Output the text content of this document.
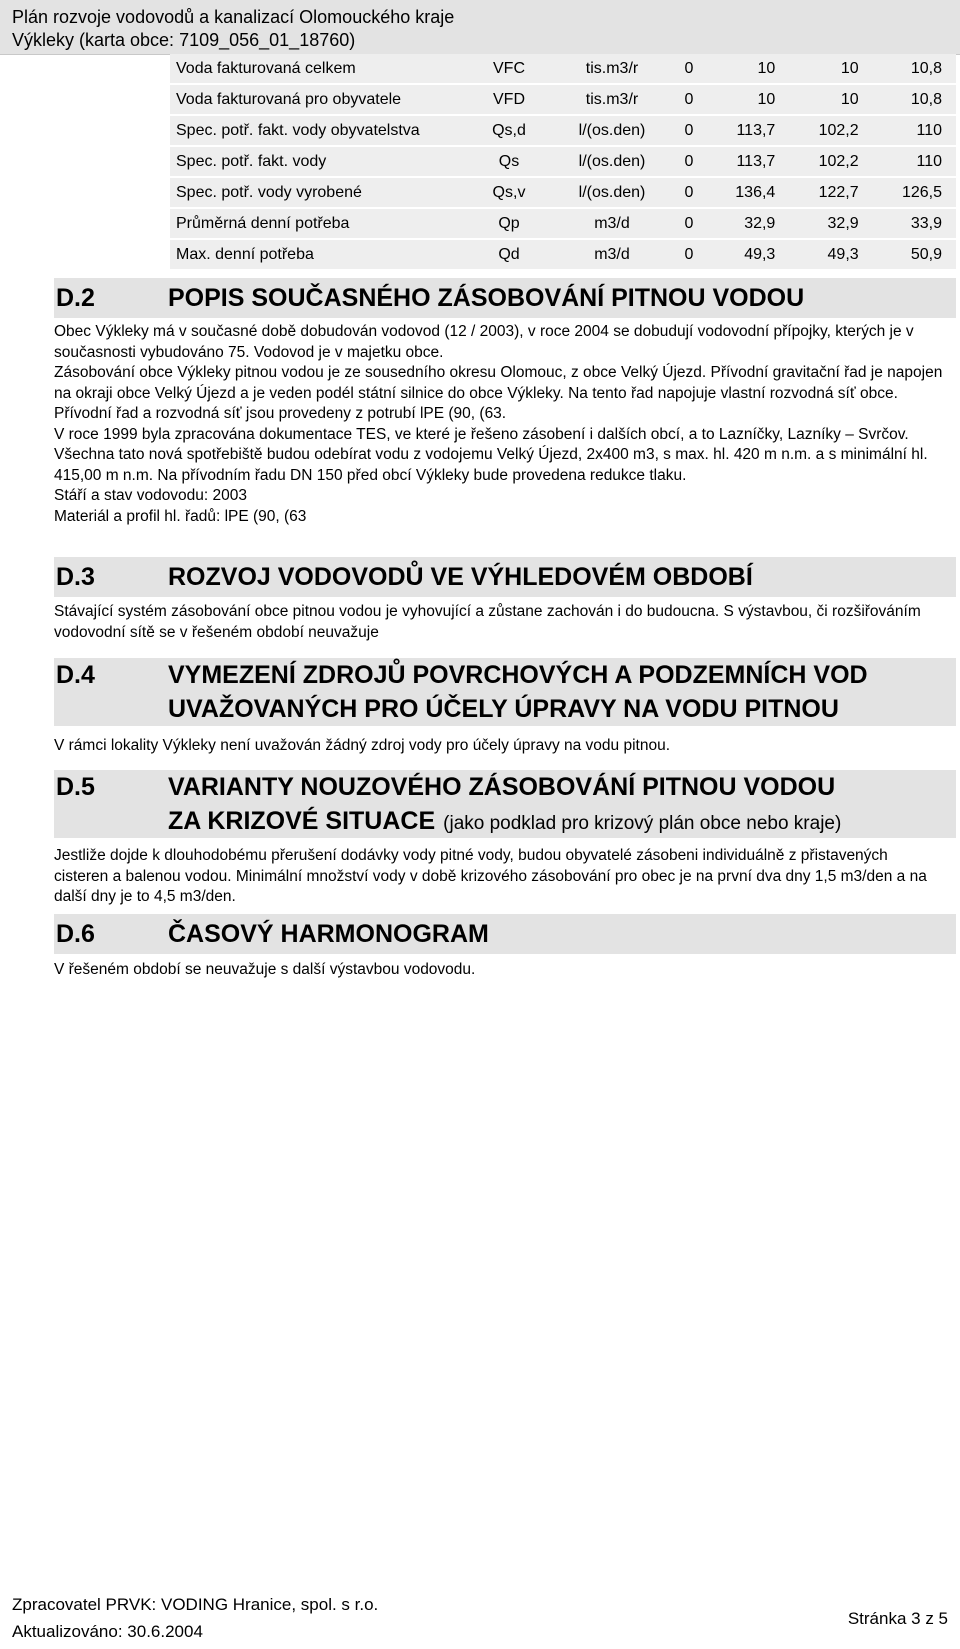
Plán rozvoje vodovodů a kanalizací Olomouckého kraje
Výkleky (karta obce: 7109_056_01_18760)
Voda fakturovaná celkem	VFC	tis.m3/r	0	10	10	10,8
Voda fakturovaná pro obyvatele	VFD	tis.m3/r	0	10	10	10,8
Spec. potř. fakt. vody obyvatelstva	Qs,d	l/(os.den)	0	113,7	102,2	110
Spec. potř. fakt. vody	Qs	l/(os.den)	0	113,7	102,2	110
Spec. potř. vody vyrobené	Qs,v	l/(os.den)	0	136,4	122,7	126,5
Průměrná denní potřeba	Qp	m3/d	0	32,9	32,9	33,9
Max. denní potřeba	Qd	m3/d	0	49,3	49,3	50,9
D.2	POPIS SOUČASNÉHO ZÁSOBOVÁNÍ PITNOU VODOU

Obec Výkleky má v současné době dobudován vodovod (12 / 2003), v roce 2004 se dobudují vodovodní přípojky, kterých je v současnosti vybudováno 75. Vodovod je v majetku obce.

Zásobování obce Výkleky pitnou vodou je ze sousedního okresu Olomouc, z obce Velký Újezd. Přívodní gravitační řad je napojen na okraji obce Velký Újezd a je veden podél státní silnice do obce Výkleky. Na tento řad napojuje vlastní rozvodná síť obce. Přívodní řad a rozvodná síť jsou provedeny z potrubí lPE (90, (63.

V roce 1999 byla zpracována dokumentace TES, ve které je řešeno zásobení i dalších obcí, a to Lazníčky, Lazníky – Svrčov.

Všechna tato nová spotřebiště budou odebírat vodu z vodojemu Velký Újezd, 2x400 m3, s max. hl. 420 m n.m. a s minimální hl. 415,00 m n.m. Na přívodním řadu DN 150 před obcí Výkleky bude provedena redukce tlaku.

Stáří a stav vodovodu: 2003

Materiál a profil hl. řadů: lPE (90, (63

D.3	ROZVOJ VODOVODŮ VE VÝHLEDOVÉM OBDOBÍ

Stávající systém zásobování obce pitnou vodou je vyhovující a zůstane zachován i do budoucna. S výstavbou, či rozšiřováním vodovodní sítě se v řešeném období neuvažuje

D.4	VYMEZENÍ ZDROJŮ POVRCHOVÝCH A PODZEMNÍCH VOD
UVAŽOVANÝCH PRO ÚČELY ÚPRAVY NA VODU PITNOU

V rámci lokality Výkleky není uvažován žádný zdroj vody pro účely úpravy na vodu pitnou.

D.5	VARIANTY NOUZOVÉHO ZÁSOBOVÁNÍ PITNOU VODOU
ZA KRIZOVÉ SITUACE (jako podklad pro krizový plán obce nebo kraje)

Jestliže dojde k dlouhodobému přerušení dodávky vody pitné vody, budou obyvatelé zásobeni individuálně z přistavených cisteren a balenou vodou. Minimální množství vody v době krizového zásobování pro obec je na první dva dny 1,5 m3/den a na další dny je to 4,5 m3/den.

D.6	ČASOVÝ HARMONOGRAM

V řešeném období se neuvažuje s další výstavbou vodovodu.

Zpracovatel PRVK: VODING Hranice, spol. s r.o.
Aktualizováno: 30.6.2004
Stránka 3 z 5
